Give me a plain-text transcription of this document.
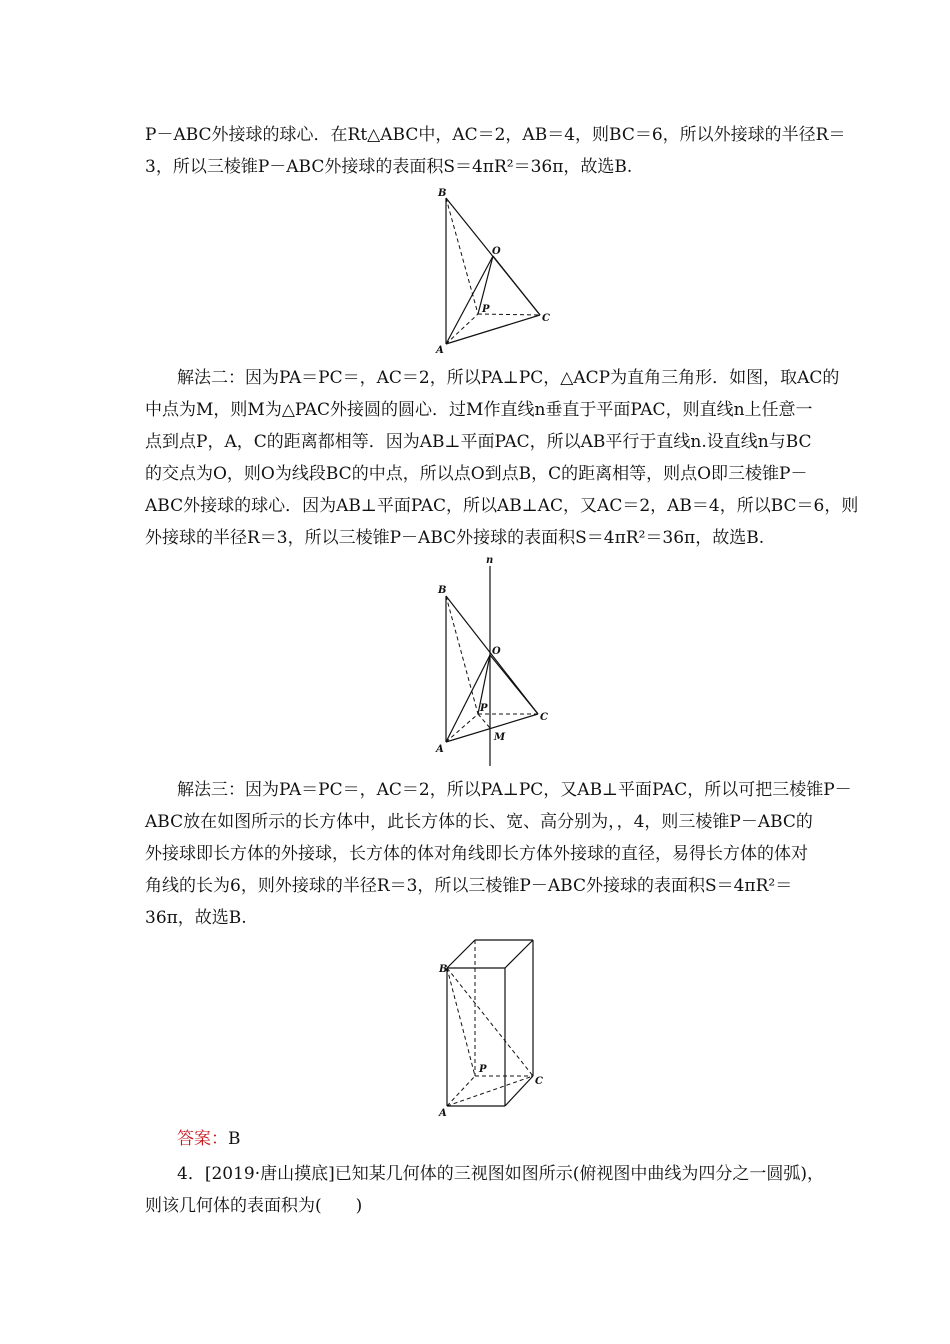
P－ABC外接球的球心．在Rt△ABC中，AC＝2，AB＝4，则BC＝6，所以外接球的半径R＝
3，所以三棱锥P－ABC外接球的表面积S＝4πR²＝36π，故选B.
B
O
P
C
A
解法二：因为PA＝PC＝，AC＝2，所以PA⊥PC，△ACP为直角三角形．如图，取AC的
中点为M，则M为△PAC外接圆的圆心．过M作直线n垂直于平面PAC，则直线n上任意一
点到点P，A，C的距离都相等．因为AB⊥平面PAC，所以AB平行于直线n.设直线n与BC
的交点为O，则O为线段BC的中点，所以点O到点B，C的距离相等，则点O即三棱锥P－
ABC外接球的球心．因为AB⊥平面PAC，所以AB⊥AC，又AC＝2，AB＝4，所以BC＝6，则
外接球的半径R＝3，所以三棱锥P－ABC外接球的表面积S＝4πR²＝36π，故选B.
n
B
O
P
C
A
M
解法三：因为PA＝PC＝，AC＝2，所以PA⊥PC，又AB⊥平面PAC，所以可把三棱锥P－
ABC放在如图所示的长方体中，此长方体的长、宽、高分别为，，4，则三棱锥P－ABC的
外接球即长方体的外接球，长方体的体对角线即长方体外接球的直径，易得长方体的体对
角线的长为6，则外接球的半径R＝3，所以三棱锥P－ABC外接球的表面积S＝4πR²＝
36π，故选B.
B
P
C
A
答案：B
4．[2019·唐山摸底]已知某几何体的三视图如图所示(俯视图中曲线为四分之一圆弧)，
则该几何体的表面积为(　　)
